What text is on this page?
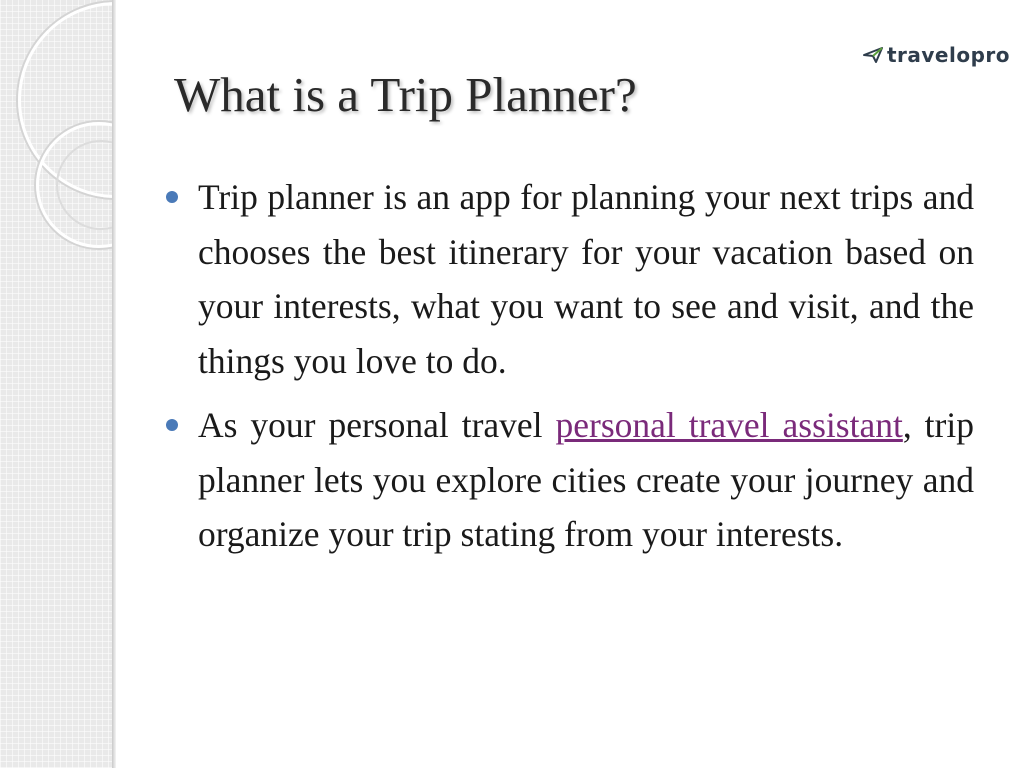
travelopro
What is a Trip Planner?

Trip planner is an app for planning your next trips and chooses the best itinerary for your vacation based on your interests, what you want to see and visit, and the things you love to do.

As your personal travel personal travel assistant, trip planner lets you explore cities create your journey and organize your trip stating from your interests.
